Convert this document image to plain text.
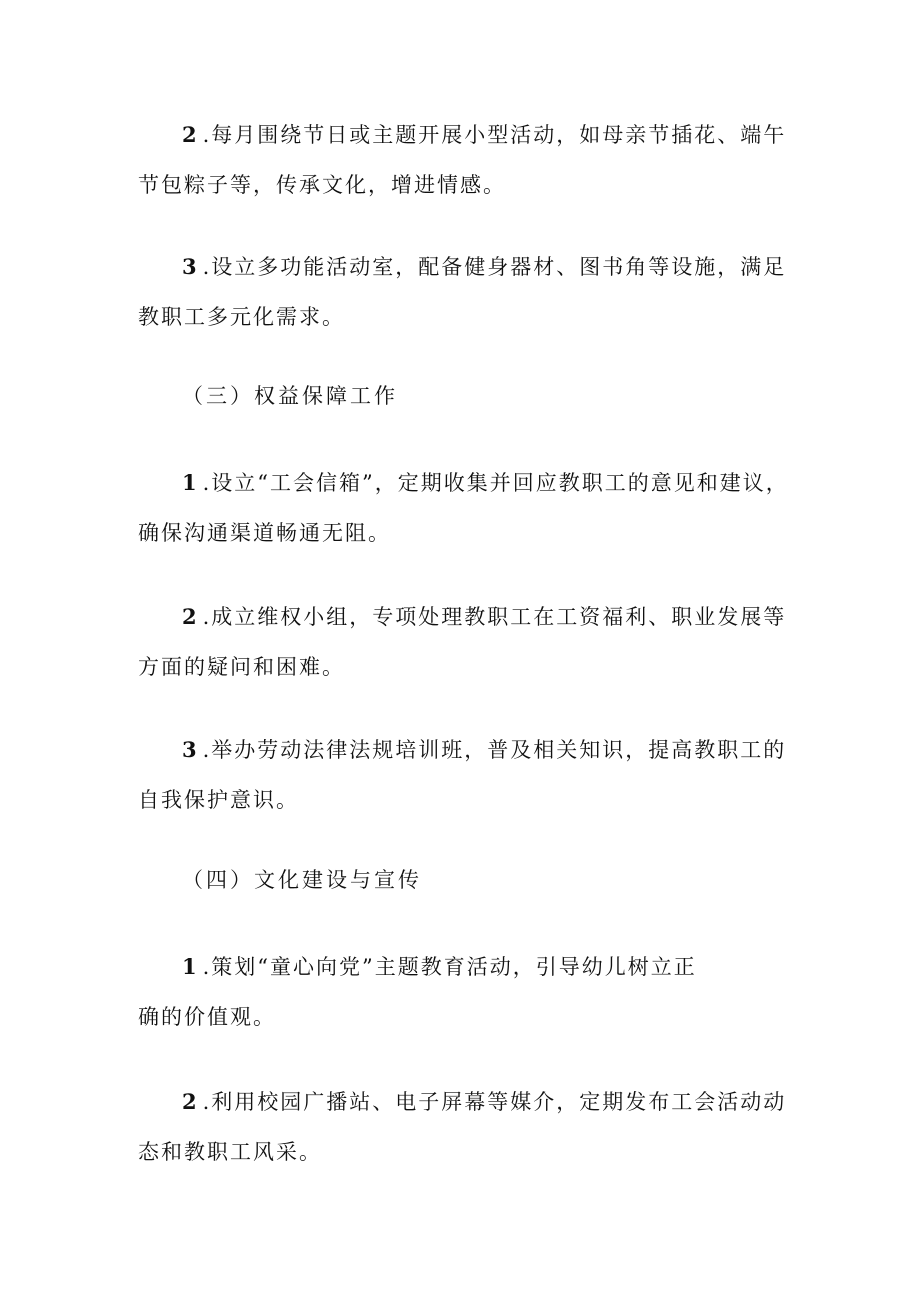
2.每月围绕节日或主题开展小型活动，如母亲节插花、端午节包粽子等，传承文化，增进情感。

3.设立多功能活动室，配备健身器材、图书角等设施，满足教职工多元化需求。

（三）权益保障工作

1.设立“工会信箱”，定期收集并回应教职工的意见和建议，确保沟通渠道畅通无阻。

2.成立维权小组，专项处理教职工在工资福利、职业发展等方面的疑问和困难。

3.举办劳动法律法规培训班，普及相关知识，提高教职工的自我保护意识。

（四）文化建设与宣传

1.策划“童心向党”主题教育活动，引导幼儿树立正
确的价值观。

2.利用校园广播站、电子屏幕等媒介，定期发布工会活动动态和教职工风采。
